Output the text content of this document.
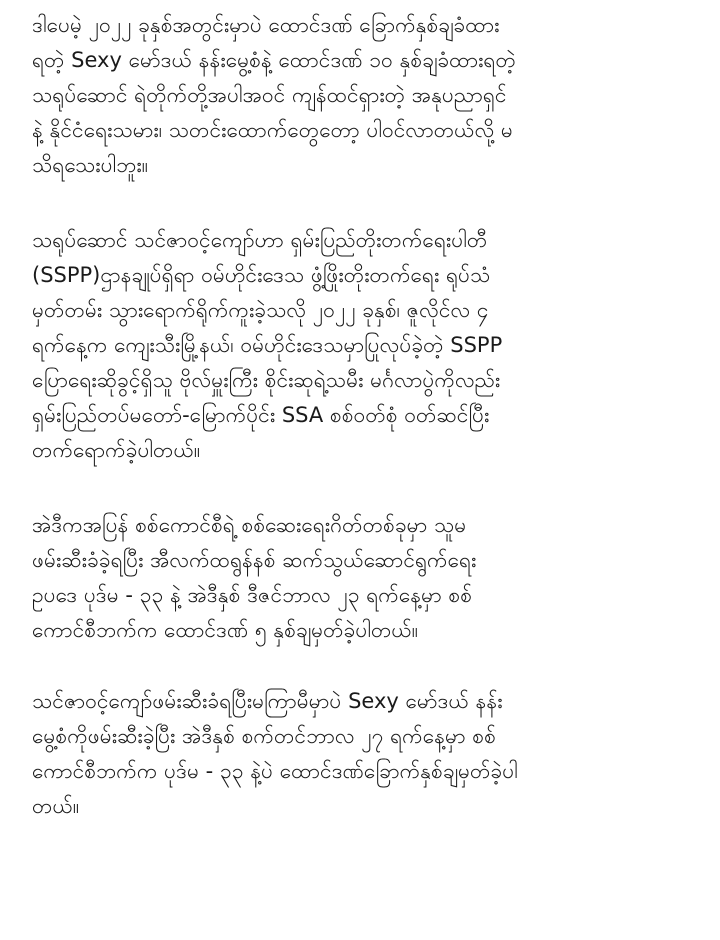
ဒါပေမဲ့ ၂၀၂၂ ခုနှစ်အတွင်းမှာပဲ ထောင်ဒဏ် ခြောက်နှစ်ချခံထား
ရတဲ့ Sexy မော်ဒယ် နန်းမွေ့စံနဲ့ ထောင်ဒဏ် ၁၀ နှစ်ချခံထားရတဲ့
သရုပ်ဆောင် ရဲတိုက်တို့အပါအဝင် ကျန်ထင်ရှားတဲ့ အနုပညာရှင်
နဲ့ နိုင်ငံရေးသမား၊ သတင်းထောက်တွေတော့ ပါဝင်လာတယ်လို့ မ
သိရသေးပါဘူး။

သရုပ်ဆောင် သင်ဇာဝင့်ကျော်ဟာ ရှမ်းပြည်တိုးတက်ရေးပါတီ
(SSPP)ဌာနချုပ်ရှိရာ ဝမ်ဟိုင်းဒေသ ဖွံ့ဖြိုးတိုးတက်ရေး ရုပ်သံ
မှတ်တမ်း သွားရောက်ရိုက်ကူးခဲ့သလို ၂၀၂၂ ခုနှစ်၊ ဇူလိုင်လ ၄
ရက်နေ့က ကျေးသီးမြို့နယ်၊ ဝမ်ဟိုင်းဒေသမှာပြုလုပ်ခဲ့တဲ့ SSPP
ပြောရေးဆိုခွင့်ရှိသူ ဗိုလ်မှူးကြီး စိုင်းဆုရဲ့သမီး မင်္ဂလာပွဲကိုလည်း
ရှမ်းပြည်တပ်မတော်-မြောက်ပိုင်း SSA စစ်ဝတ်စုံ ဝတ်ဆင်ပြီး
တက်ရောက်ခဲ့ပါတယ်။

အဲဒီကအပြန် စစ်ကောင်စီရဲ့ စစ်ဆေးရေးဂိတ်တစ်ခုမှာ သူမ
ဖမ်းဆီးခံခဲ့ရပြီး အီလက်ထရွန်နစ် ဆက်သွယ်ဆောင်ရွက်ရေး
ဥပဒေ ပုဒ်မ - ၃၃ နဲ့ အဲဒီနှစ် ဒီဇင်ဘာလ ၂၃ ရက်နေ့မှာ စစ်
ကောင်စီဘက်က ထောင်ဒဏ် ၅ နှစ်ချမှတ်ခဲ့ပါတယ်။

သင်ဇာဝင့်ကျော်ဖမ်းဆီးခံရပြီးမကြာမီမှာပဲ Sexy မော်ဒယ် နန်း
မွေ့စံကိုဖမ်းဆီးခဲ့ပြီး အဲဒီနှစ် စက်တင်ဘာလ ၂၇ ရက်နေ့မှာ စစ်
ကောင်စီဘက်က ပုဒ်မ - ၃၃ နဲ့ပဲ ထောင်ဒဏ်ခြောက်နှစ်ချမှတ်ခဲ့ပါ
တယ်။
